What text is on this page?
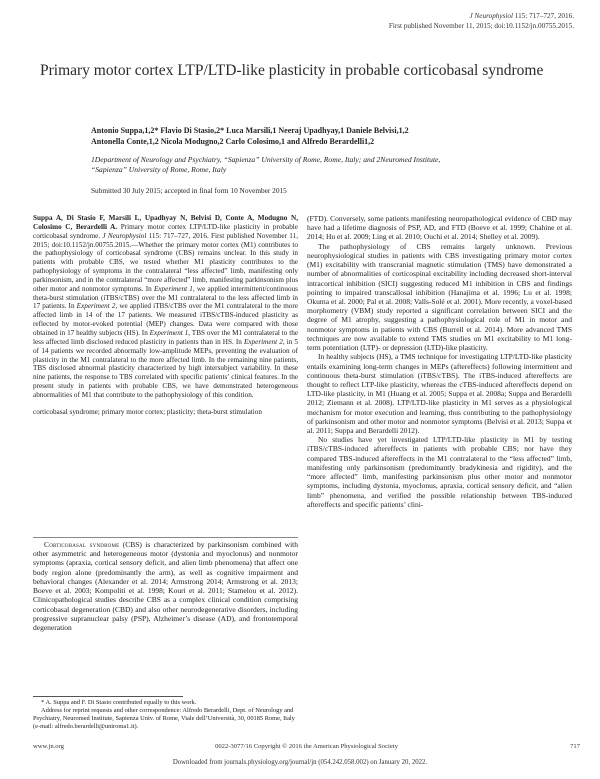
J Neurophysiol 115: 717–727, 2016.
First published November 11, 2015; doi:10.1152/jn.00755.2015.
Primary motor cortex LTP/LTD-like plasticity in probable corticobasal syndrome
Antonio Suppa,1,2* Flavio Di Stasio,2* Luca Marsili,1 Neeraj Upadhyay,1 Daniele Belvisi,1,2
Antonella Conte,1,2 Nicola Modugno,2 Carlo Colosimo,1 and Alfredo Berardelli1,2
1Department of Neurology and Psychiatry, “Sapienza” University of Rome, Rome, Italy; and 2Neuromed Institute,
“Sapienza” University of Rome, Rome, Italy
Submitted 30 July 2015; accepted in final form 10 November 2015

Suppa A, Di Stasio F, Marsili L, Upadhyay N, Belvisi D, Conte A, Modugno N, Colosimo C, Berardelli A. Primary motor cortex LTP/LTD-like plasticity in probable corticobasal syndrome. J Neurophysiol 115: 717–727, 2016. First published November 11, 2015; doi:10.1152/jn.00755.2015.—Whether the primary motor cortex (M1) contributes to the pathophysiology of corticobasal syndrome (CBS) remains unclear. In this study in patients with probable CBS, we tested whether M1 plasticity contributes to the pathophysiology of symptoms in the contralateral “less affected” limb, manifesting only parkinsonism, and in the contralateral “more affected” limb, manifesting parkinsonism plus other motor and nonmotor symptoms. In Experiment 1, we applied intermittent/continuous theta-burst stimulation (iTBS/cTBS) over the M1 contralateral to the less affected limb in 17 patients. In Experiment 2, we applied iTBS/cTBS over the M1 contralateral to the more affected limb in 14 of the 17 patients. We measured iTBS/cTBS-induced plasticity as reflected by motor-evoked potential (MEP) changes. Data were compared with those obtained in 17 healthy subjects (HS). In Experiment 1, TBS over the M1 contralateral to the less affected limb disclosed reduced plasticity in patients than in HS. In Experiment 2, in 5 of 14 patients we recorded abnormally low-amplitude MEPs, preventing the evaluation of plasticity in the M1 contralateral to the more affected limb. In the remaining nine patients, TBS disclosed abnormal plasticity characterized by high intersubject variability. In these nine patients, the response to TBS correlated with specific patients’ clinical features. In the present study in patients with probable CBS, we have demonstrated heterogeneous abnormalities of M1 that contribute to the pathophysiology of this condition.

corticobasal syndrome; primary motor cortex; plasticity; theta-burst stimulation

Corticobasal syndrome (CBS) is characterized by parkinsonism combined with other asymmetric and heterogeneous motor (dystonia and myoclonus) and nonmotor symptoms (apraxia, cortical sensory deficit, and alien limb phenomena) that affect one body region alone (predominantly the arm), as well as cognitive impairment and behavioral changes (Alexander et al. 2014; Armstrong 2014; Armstrong et al. 2013; Boeve et al. 2003; Kompoliti et al. 1998; Kouri et al. 2011; Stamelou et al. 2012). Clinicopathological studies describe CBS as a complex clinical condition comprising corticobasal degeneration (CBD) and also other neurodegenerative disorders, including progressive supranuclear palsy (PSP), Alzheimer’s disease (AD), and frontotemporal degeneration

* A. Suppa and F. Di Stasio contributed equally to this work.

Address for reprint requests and other correspondence: Alfredo Berardelli, Dept. of Neurology and Psychiatry, Neuromed Institute, Sapienza Univ. of Rome, Viale dell’Università, 30, 00185 Rome, Italy (e-mail: alfredo.berardelli@uniroma1.it).

(FTD). Conversely, some patients manifesting neuropathological evidence of CBD may have had a lifetime diagnosis of PSP, AD, and FTD (Boeve et al. 1999; Chahine et al. 2014; Hu et al. 2009; Ling et al. 2010; Ouchi et al. 2014; Shelley et al. 2009).

The pathophysiology of CBS remains largely unknown. Previous neurophysiological studies in patients with CBS investigating primary motor cortex (M1) excitability with transcranial magnetic stimulation (TMS) have demonstrated a number of abnormalities of corticospinal excitability including decreased short-interval intracortical inhibition (SICI) suggesting reduced M1 inhibition in CBS and findings pointing to impaired transcallosal inhibition (Hanajima et al. 1996; Lu et al. 1998; Okuma et al. 2000; Pal et al. 2008; Valls-Solé et al. 2001). More recently, a voxel-based morphometry (VBM) study reported a significant correlation between SICI and the degree of M1 atrophy, suggesting a pathophysiological role of M1 in motor and nonmotor symptoms in patients with CBS (Burrell et al. 2014). More advanced TMS techniques are now available to extend TMS studies on M1 excitability to M1 long-term potentiation (LTP)- or depression (LTD)-like plasticity.

In healthy subjects (HS), a TMS technique for investigating LTP/LTD-like plasticity entails examining long-term changes in MEPs (aftereffects) following intermittent and continuous theta-burst stimulation (iTBS/cTBS). The iTBS-induced aftereffects are thought to reflect LTP-like plasticity, whereas the cTBS-induced aftereffects depend on LTD-like plasticity, in M1 (Huang et al. 2005; Suppa et al. 2008a; Suppa and Berardelli 2012; Ziemann et al. 2008). LTP/LTD-like plasticity in M1 serves as a physiological mechanism for motor execution and learning, thus contributing to the pathophysiology of parkinsonism and other motor and nonmotor symptoms (Belvisi et al. 2013; Suppa et al. 2011; Suppa and Berardelli 2012).

No studies have yet investigated LTP/LTD-like plasticity in M1 by testing iTBS/cTBS-induced aftereffects in patients with probable CBS; nor have they compared TBS-induced aftereffects in the M1 contralateral to the “less affected” limb, manifesting only parkinsonism (predominantly bradykinesia and rigidity), and the “more affected” limb, manifesting parkinsonism plus other motor and nonmotor symptoms, including dystonia, myoclonus, apraxia, cortical sensory deficit, and “alien limb” phenomena, and verified the possible relationship between TBS-induced aftereffects and specific patients’ clini-

www.jn.org	0022-3077/16 Copyright © 2016 the American Physiological Society	717
Downloaded from journals.physiology.org/journal/jn (054.242.058.002) on January 20, 2022.
